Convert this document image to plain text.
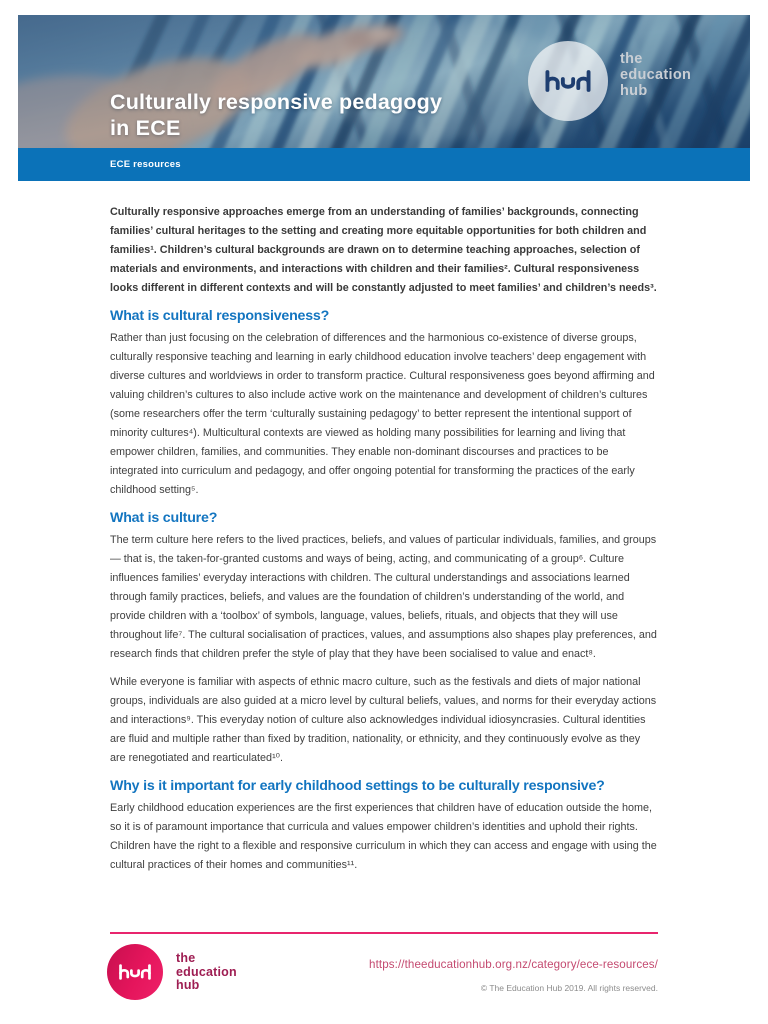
Culturally responsive pedagogy
in ECE
the
education
hub
ECE resources

Culturally responsive approaches emerge from an understanding of families’ backgrounds, connecting families’ cultural heritages to the setting and creating more equitable opportunities for both children and families¹. Children’s cultural backgrounds are drawn on to determine teaching approaches, selection of materials and environments, and interactions with children and their families². Cultural responsiveness looks different in different contexts and will be constantly adjusted to meet families’ and children’s needs³.

What is cultural responsiveness?

Rather than just focusing on the celebration of differences and the harmonious co-existence of diverse groups, culturally responsive teaching and learning in early childhood education involve teachers’ deep engagement with diverse cultures and worldviews in order to transform practice. Cultural responsiveness goes beyond affirming and valuing children’s cultures to also include active work on the maintenance and development of children’s cultures (some researchers offer the term ‘culturally sustaining pedagogy’ to better represent the intentional support of minority cultures⁴). Multicultural contexts are viewed as holding many possibilities for learning and living that empower children, families, and communities. They enable non-dominant discourses and practices to be integrated into curriculum and pedagogy, and offer ongoing potential for transforming the practices of the early childhood setting⁵.

What is culture?

The term culture here refers to the lived practices, beliefs, and values of particular individuals, families, and groups — that is, the taken-for-granted customs and ways of being, acting, and communicating of a group⁶. Culture influences families’ everyday interactions with children. The cultural understandings and associations learned through family practices, beliefs, and values are the foundation of children’s understanding of the world, and provide children with a ‘toolbox’ of symbols, language, values, beliefs, rituals, and objects that they will use throughout life⁷. The cultural socialisation of practices, values, and assumptions also shapes play preferences, and research finds that children prefer the style of play that they have been socialised to value and enact⁸.

While everyone is familiar with aspects of ethnic macro culture, such as the festivals and diets of major national groups, individuals are also guided at a micro level by cultural beliefs, values, and norms for their everyday actions and interactions⁹. This everyday notion of culture also acknowledges individual idiosyncrasies. Cultural identities are fluid and multiple rather than fixed by tradition, nationality, or ethnicity, and they continuously evolve as they are renegotiated and rearticulated¹⁰.

Why is it important for early childhood settings to be culturally responsive?

Early childhood education experiences are the first experiences that children have of education outside the home, so it is of paramount importance that curricula and values empower children’s identities and uphold their rights. Children have the right to a flexible and responsive curriculum in which they can access and engage with using the cultural practices of their homes and communities¹¹.

the
education
hub
https://theeducationhub.org.nz/category/ece-resources/
© The Education Hub 2019. All rights reserved.
